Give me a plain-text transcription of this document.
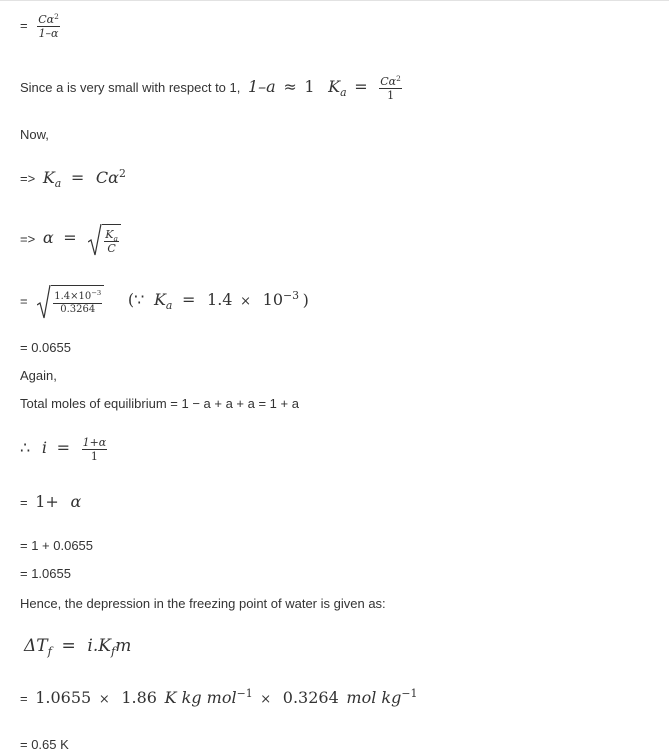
= $\frac{C\alpha^2}{1-\alpha}$
Since a is very small with respect to 1, 1–a ≈ 1 $K_a = \frac{C\alpha^2}{1}$
Now,
=> $K_a = C\alpha^2$
=> α =	$\frac{K_a}{C}$
=	$\frac{1.4\times 10^{-3}}{0.3264}$ (∵ $K_a = 1.4 \times 10^{-3}$ )
= 0.0655
Again,
Total moles of equilibrium = 1 − a + a + a = 1 + a
∴ $i = \frac{1+\alpha}{1}$
= 1+ α
= 1 + 0.0655
= 1.0655
Hence, the depression in the freezing point of water is given as:
$\Delta T_f = i.K_fm$
= 1.0655 × 1.86 K kg mol$^{-1}$ × 0.3264 mol $kg^{-1}$
= 0.65 K
